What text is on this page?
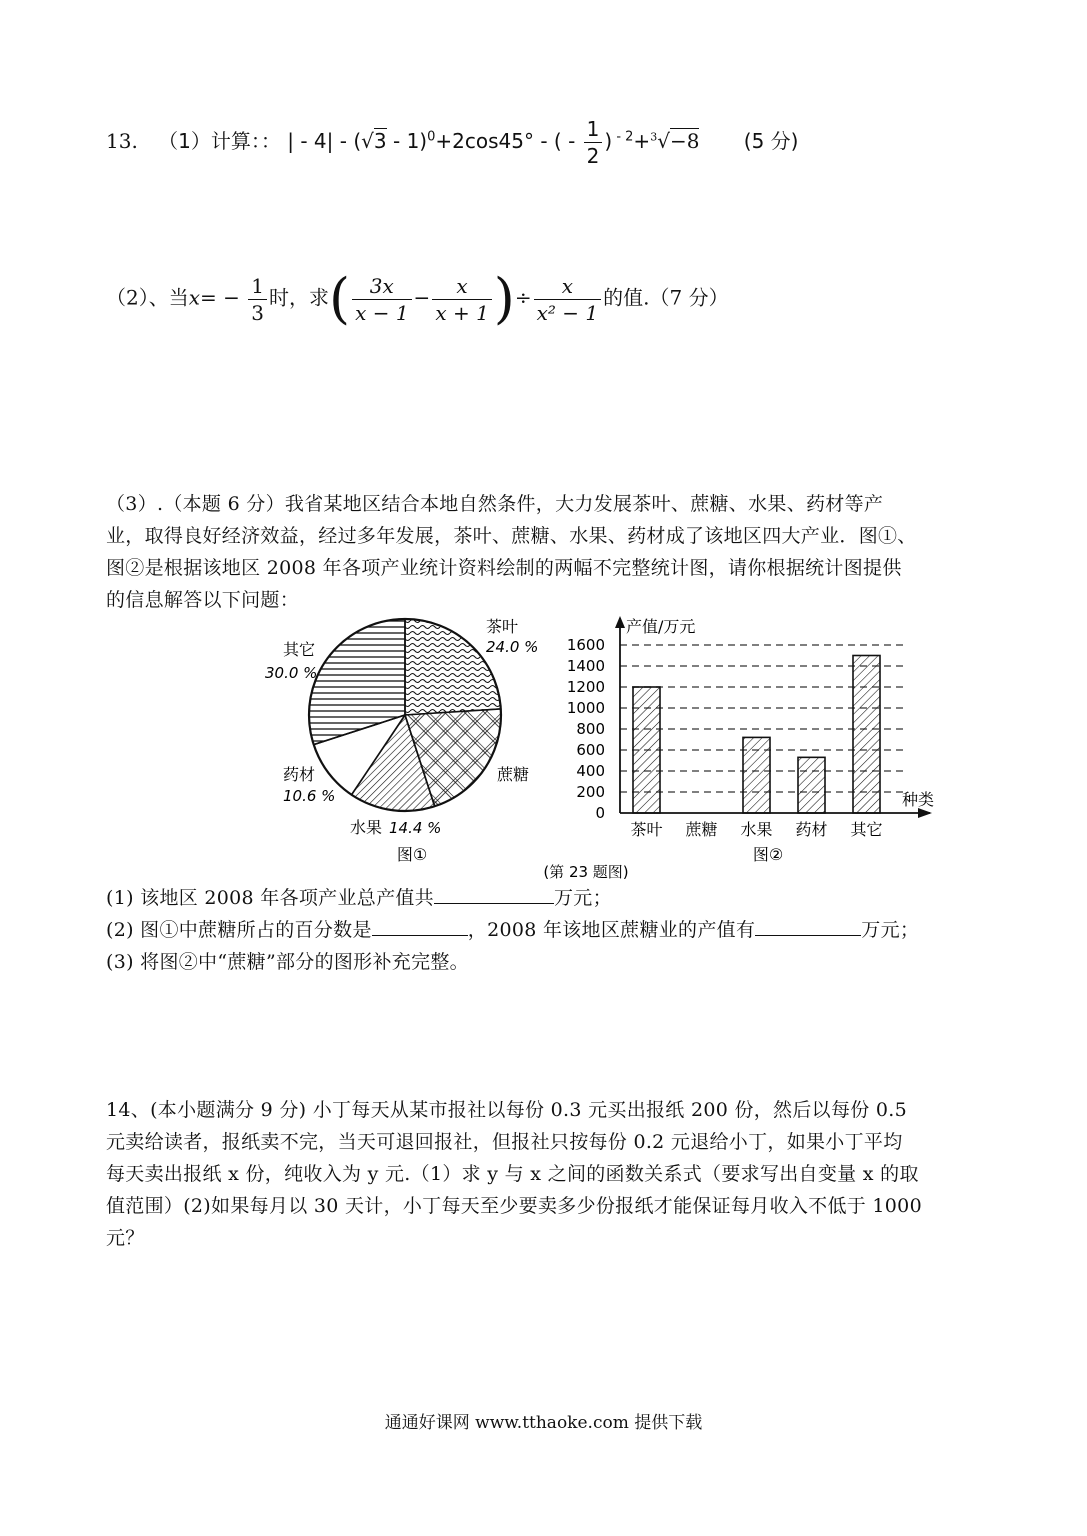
13. （1）计算：： | - 4| - (√3 - 1)$^0$+2cos45° - ( - $\frac{1}{2}$ ) $^{- 2}$+$^3$√−8 (5 分)
（2）、当$x= - \frac{1}{3}$ 时，求( $\frac{3x}{x - 1} - \frac{x}{x + 1}$ )÷ $\frac{x}{\text{x² − 1}}$ 的值.（7 分）
（3）.（本题 6 分）我省某地区结合本地自然条件，大力发展茶叶、蔗糖、水果、药材等产
业，取得良好经济效益，经过多年发展，茶叶、蔗糖、水果、药材成了该地区四大产业．图①、
图②是根据该地区 2008 年各项产业统计资料绘制的两幅不完整统计图，请你根据统计图提供
的信息解答以下问题：
茶叶
24.0 %
蔗糖
水果 14.4 %
药材
10.6 %
其它
30.0 %
图①
0
200
400
600
800
1000
1200
1400
1600
产值/万元
种类
茶叶 蔗糖 水果 药材 其它
图②
(第 23 题图)
(1) 该地区 2008 年各项产业总产值共	万元；
(2) 图①中蔗糖所占的百分数是	，2008 年该地区蔗糖业的产值有	万元；
(3) 将图②中“蔗糖”部分的图形补充完整。
14、(本小题满分 9 分) 小丁每天从某市报社以每份 0.3 元买出报纸 200 份，然后以每份 0.5
元卖给读者，报纸卖不完，当天可退回报社，但报社只按每份 0.2 元退给小丁，如果小丁平均
每天卖出报纸 x 份，纯收入为 y 元.（1）求 y 与 x 之间的函数关系式（要求写出自变量 x 的取
值范围）(2)如果每月以 30 天计，小丁每天至少要卖多少份报纸才能保证每月收入不低于 1000
元？
通通好课网 www.tthaoke.com 提供下载
